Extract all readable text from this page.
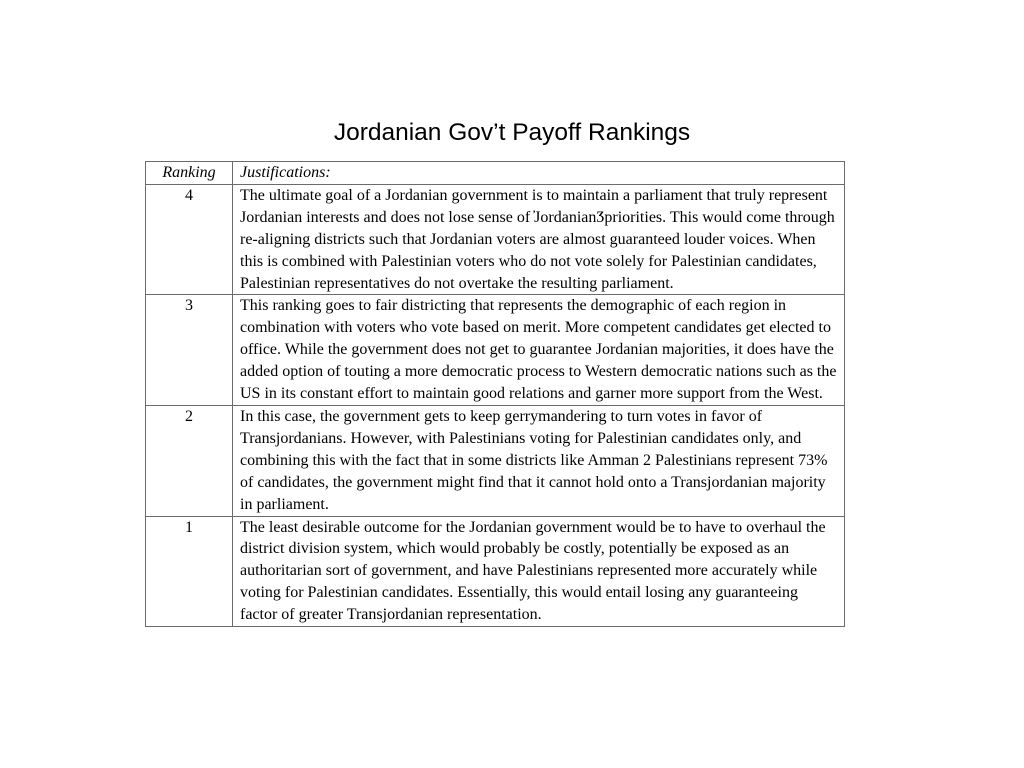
Jordanian Gov’t Payoff Rankings
Ranking	Justifications:
4	The ultimate goal of a Jordanian government is to maintain a parliament that truly represent Jordanian interests and does not lose sense of ҆JordanianӠpriorities. This would come through re-aligning districts such that Jordanian voters are almost guaranteed louder voices. When this is combined with Palestinian voters who do not vote solely for Palestinian candidates, Palestinian representatives do not overtake the resulting parliament.
3	This ranking goes to fair districting that represents the demographic of each region in combination with voters who vote based on merit. More competent candidates get elected to office. While the government does not get to guarantee Jordanian majorities, it does have the added option of touting a more democratic process to Western democratic nations such as the US in its constant effort to maintain good relations and garner more support from the West.
2	In this case, the government gets to keep gerrymandering to turn votes in favor of Transjordanians. However, with Palestinians voting for Palestinian candidates only, and combining this with the fact that in some districts like Amman 2 Palestinians represent 73% of candidates, the government might find that it cannot hold onto a Transjordanian majority in parliament.
1	The least desirable outcome for the Jordanian government would be to have to overhaul the district division system, which would probably be costly, potentially be exposed as an authoritarian sort of government, and have Palestinians represented more accurately while voting for Palestinian candidates. Essentially, this would entail losing any guaranteeing factor of greater Transjordanian representation.
